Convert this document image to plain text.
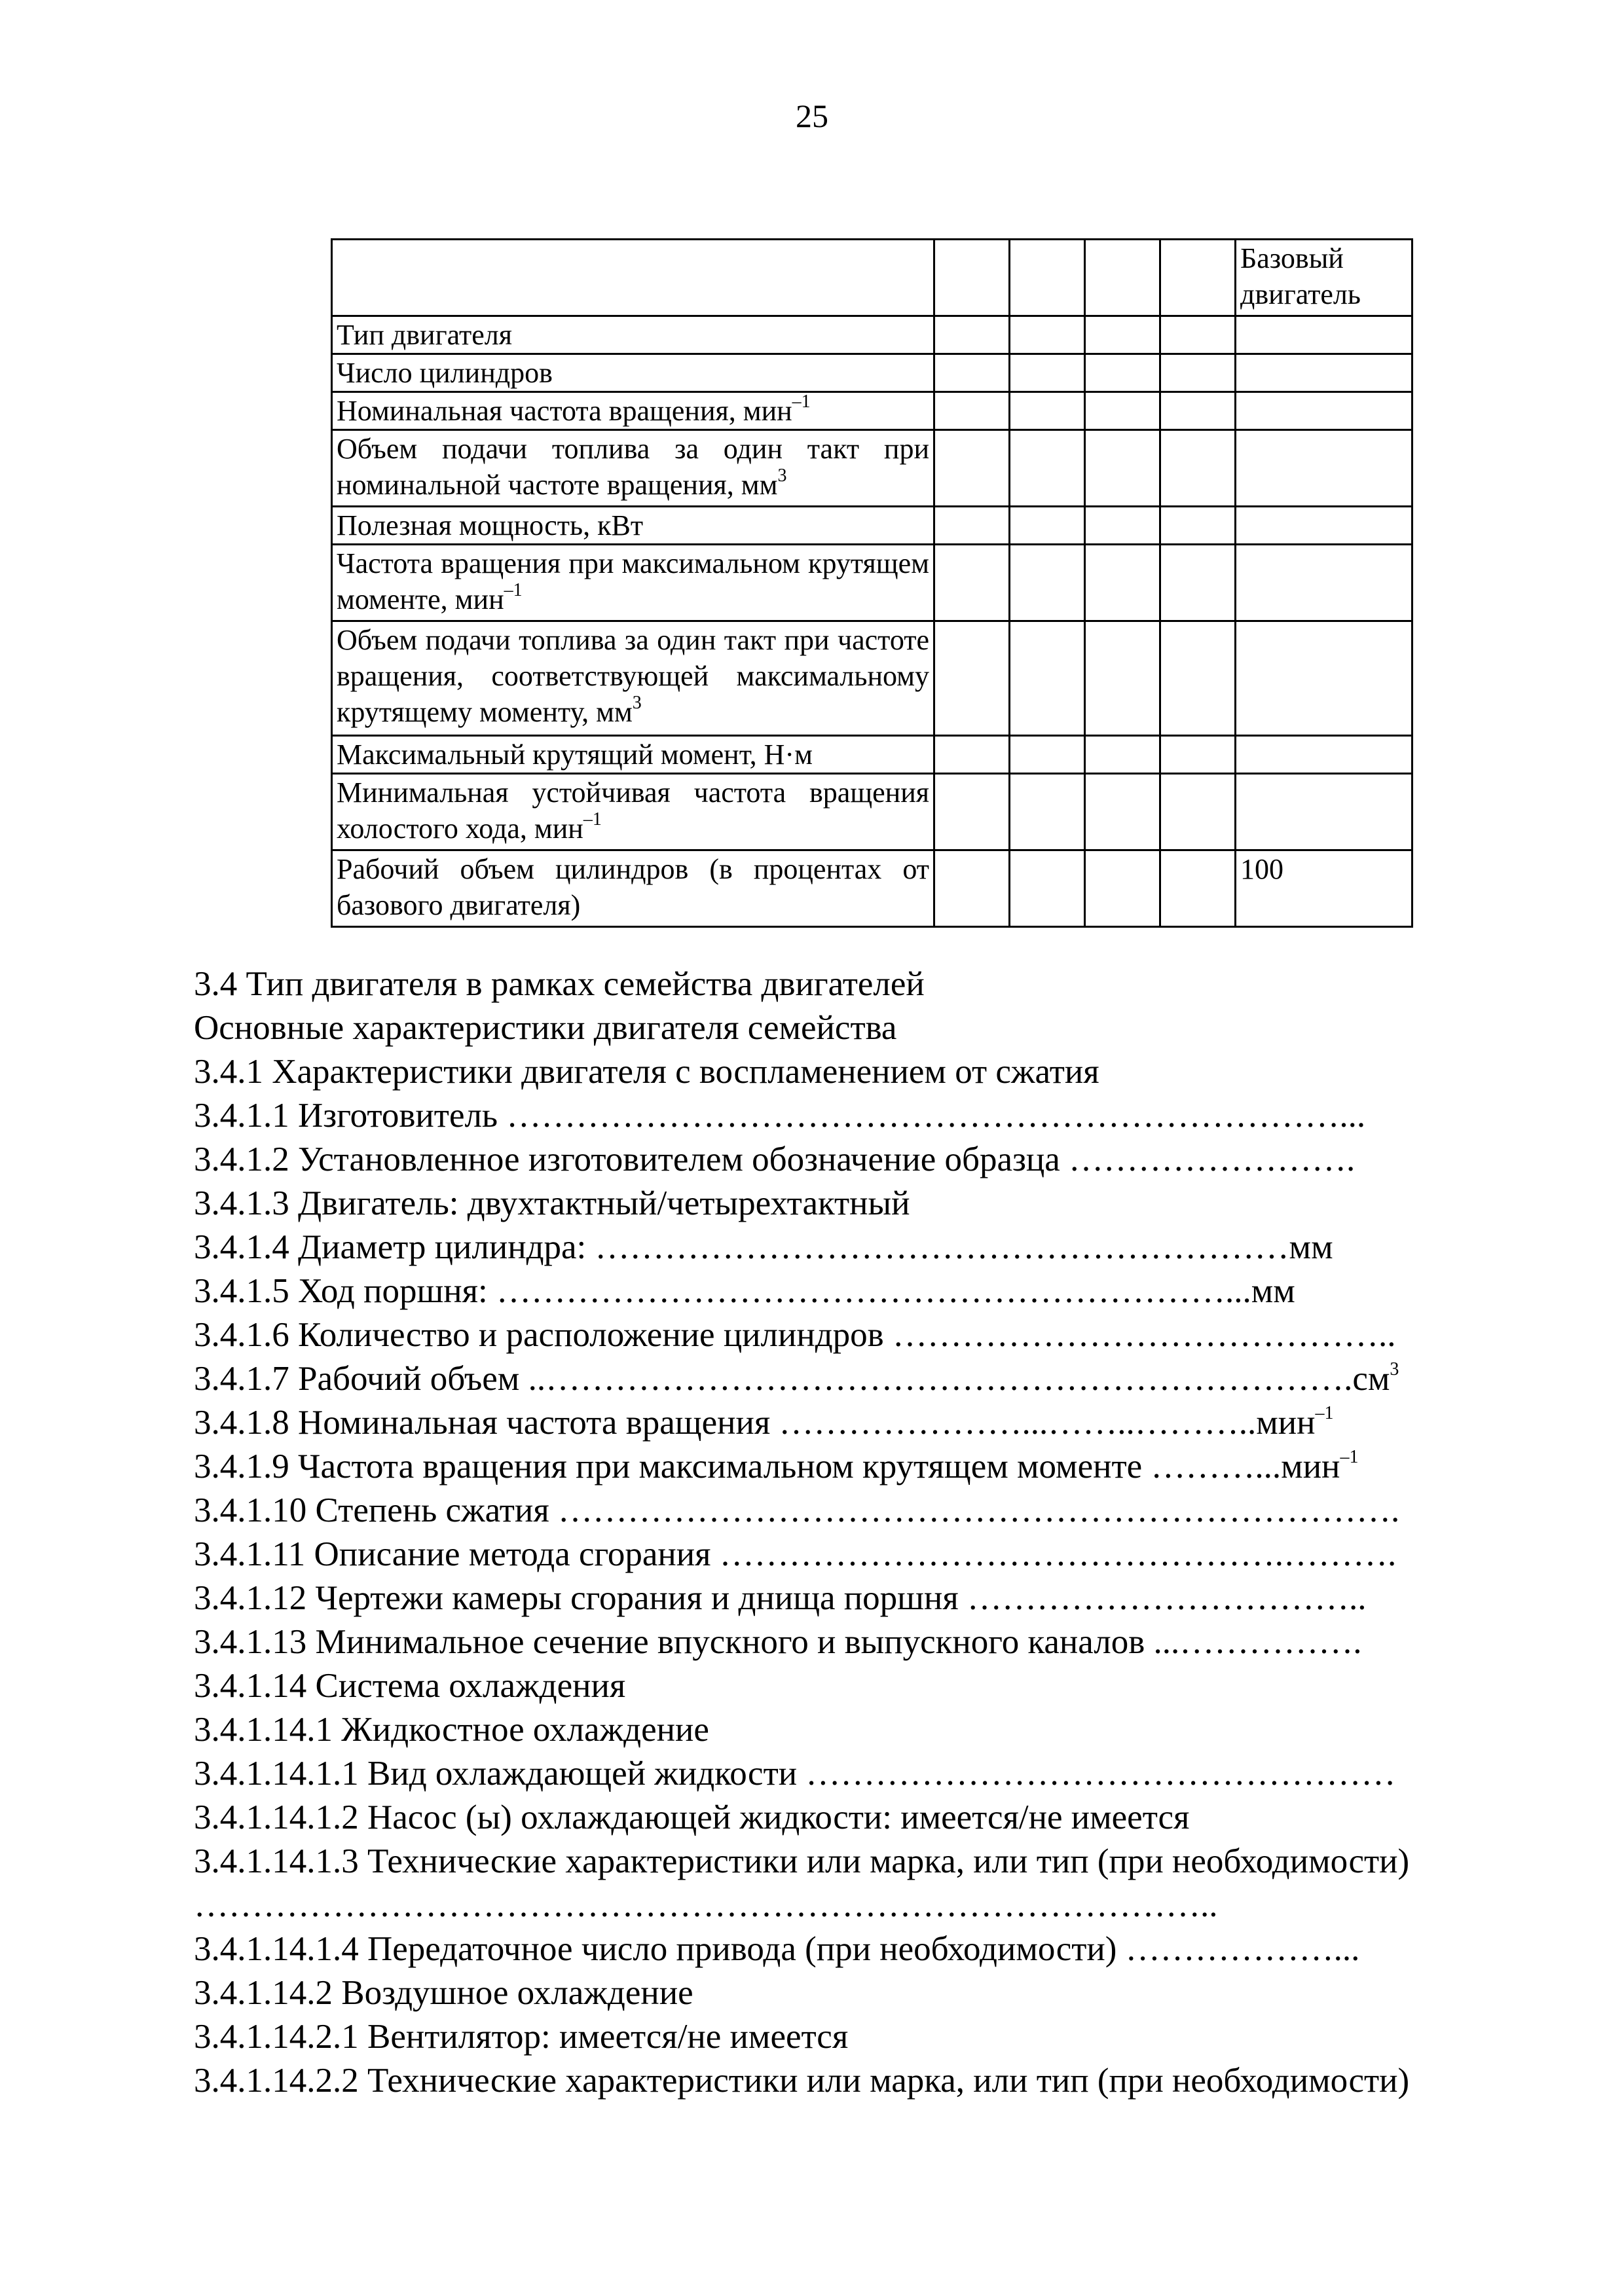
25
					Базовый двигатель
Тип двигателя					
Число цилиндров					
Номинальная частота вращения, мин$^{-1}$					
Объем подачи топлива за один такт при номинальной частоте вращения, $мм^3$					
Полезная мощность, кВт					
Частота вращения при максимальном крутящем моменте, мин$^{-1}$					
Объем подачи топлива за один такт при частоте вращения, соответствующей максимальному крутящему моменту, $мм^3$					
Максимальный крутящий момент, Н·м					
Минимальная устойчивая частота вращения холостого хода, мин$^{-1}$					
Рабочий объем цилиндров (в процентах от базового двигателя)					100
3.4 Тип двигателя в рамках семейства двигателей
Основные характеристики двигателя семейства
3.4.1 Характеристики двигателя с воспламенением от сжатия
3.4.1.1 Изготовитель ………………………………………………………………...
3.4.1.2 Установленное изготовителем обозначение образца …………………….
3.4.1.3 Двигатель: двухтактный/четырехтактный
3.4.1.4 Диаметр цилиндра: ……………………………………………………мм
3.4.1.5 Ход поршня: ………………………………………………………...мм
3.4.1.6 Количество и расположение цилиндров ……………………………………..
3.4.1.7 Рабочий объем $..\dots\dots\dots\dots\dots\dots\dots\dots\dots\dots\dots\dots\dots\dots\dots\dots\dots\dots\dots\dots\dots\dots\dots.см^3$
3.4.1.8 Номинальная частота вращения …………………...……..………..мин$^{-1}$
3.4.1.9 Частота вращения при максимальном крутящем моменте ………...мин$^{-1}$
3.4.1.10 Степень сжатия ……………………………………………………………….
3.4.1.11 Описание метода сгорания ………………………………………….……….
3.4.1.12 Чертежи камеры сгорания и днища поршня ……………………………..
3.4.1.13 Минимальное сечение впускного и выпускного каналов ...…………….
3.4.1.14 Система охлаждения
3.4.1.14.1 Жидкостное охлаждение
3.4.1.14.1.1 Вид охлаждающей жидкости ……………………………………………
3.4.1.14.1.2 Насос (ы) охлаждающей жидкости: имеется/не имеется
3.4.1.14.1.3 Технические характеристики или марка, или тип (при необходимости)
……………………………………………………………………………..
3.4.1.14.1.4 Передаточное число привода (при необходимости) ………………...
3.4.1.14.2 Воздушное охлаждение
3.4.1.14.2.1 Вентилятор: имеется/не имеется
3.4.1.14.2.2 Технические характеристики или марка, или тип (при необходимости)
